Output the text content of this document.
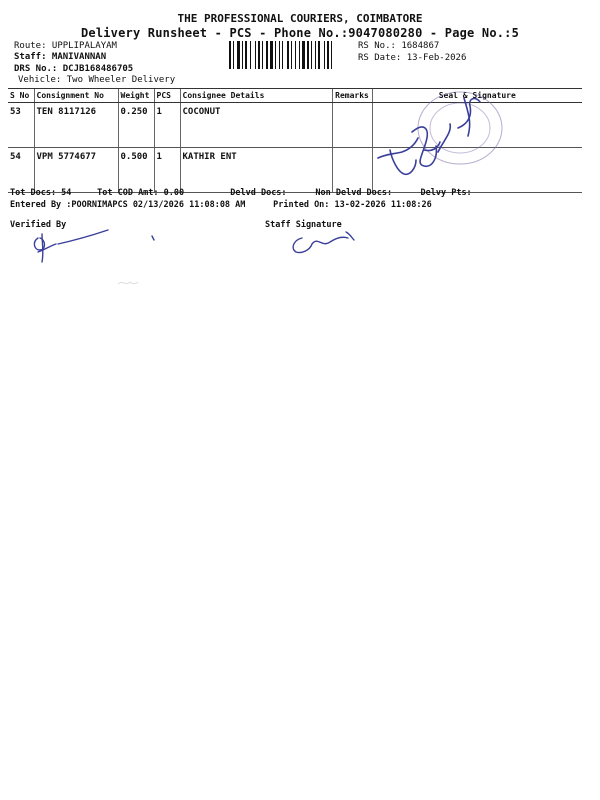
THE PROFESSIONAL COURIERS, COIMBATORE
Delivery Runsheet - PCS - Phone No.:9047080280 - Page No.:5
Route: UPPLIPALAYAM
Staff: MANIVANNAN
DRS No.: DCJB168486705
Vehicle: Two Wheeler Delivery
RS No.: 1684867
RS Date: 13-Feb-2026
S No	Consignment No	Weight	PCS	Consignee Details	Remarks	Seal & Signature
53	TEN 8117126	0.250	1	COCONUT		
54	VPM 5774677	0.500	1	KATHIR ENT		
Tot Docs: 54	Tot COD Amt: 0.00	Delvd Docs:	Non Delvd Docs:	Delvy Pts:
Entered By :POORNIMAPCS 02/13/2026 11:08:08 AM	Printed On: 13-02-2026 11:08:26
Verified By	Staff Signature
